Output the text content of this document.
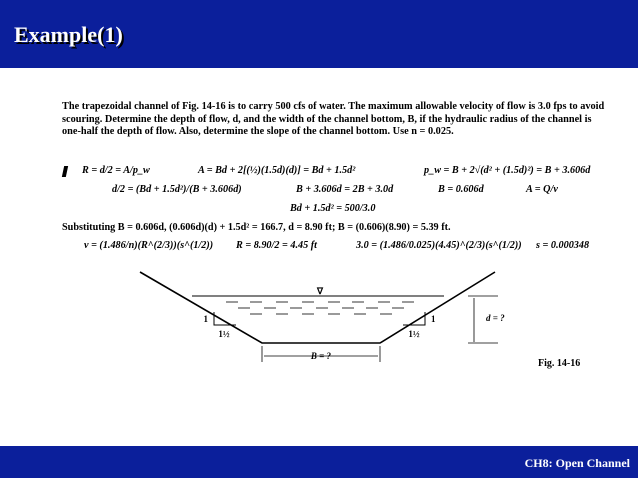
Example(1)
The trapezoidal channel of Fig. 14-16 is to carry 500 cfs of water. The maximum allowable velocity of flow is 3.0 fps to avoid scouring. Determine the depth of flow, d, and the width of the channel bottom, B, if the hydraulic radius of the channel is one-half the depth of flow. Also, determine the slope of the channel bottom. Use n = 0.025.
R = d/2 = A/p_w	A = Bd + 2[(½)(1.5d)(d)] = Bd + 1.5d²	p_w = B + 2√(d² + (1.5d)²) = B + 3.606d
d/2 = (Bd + 1.5d²)/(B + 3.606d)	B + 3.606d = 2B + 3.0d	B = 0.606d	A = Q/v
Bd + 1.5d² = 500/3.0
Substituting B = 0.606d, (0.606d)(d) + 1.5d² = 166.7, d = 8.90 ft; B = (0.606)(8.90) = 5.39 ft.
v = (1.486/n)(R^(2/3))(s^(1/2)) R = 8.90/2 = 4.45 ft	3.0 = (1.486/0.025)(4.45)^(2/3)(s^(1/2)) s = 0.000348
∇
1
1½
1
1½
d = ?
B = ?
Fig. 14-16
CH8: Open Channel
